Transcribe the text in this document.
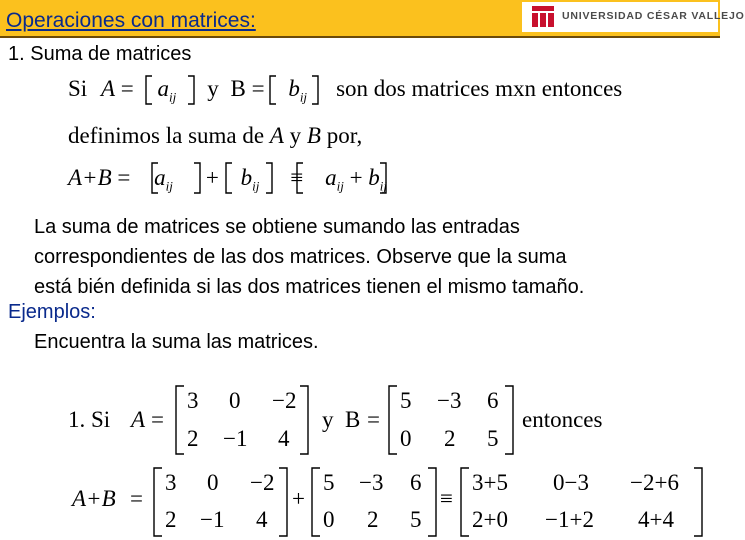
Operaciones con matrices:	UNIVERSIDAD CÉSAR VALLEJO
1. Suma de matrices
Si $A = a_{ij}$ y $B = b_{ij}$ son dos matrices mxn entonces
definimos la suma de A y B por,
$A+B = a_{ij} + b_{ij} \equiv a_{ij} + b_{ij}$
La suma de matrices se obtiene sumando las entradas
correspondientes de las dos matrices. Observe que la suma
está bién definida si las dos matrices tienen el mismo tamaño.
Ejemplos:
Encuentra la suma las matrices.
1. Si A =	y B =	entonces
3 0 −2
2 −1 4
5 −3 6
0 2 5
A+B =
3 0 −2
2 −1 4
+
5 −3 6
0 2 5
≡
3+5 0−3 −2+6
2+0 −1+2 4+4
